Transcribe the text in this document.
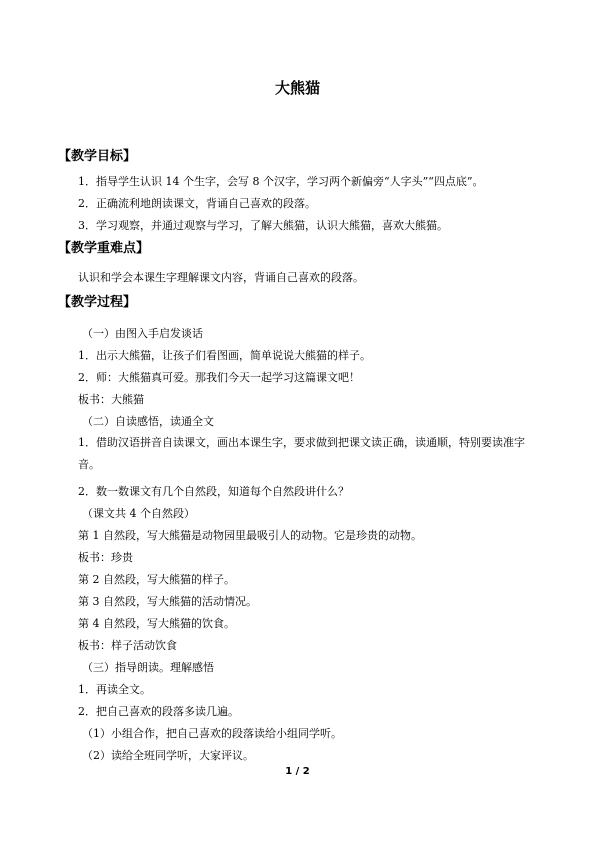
大熊猫
【教学目标】
1．指导学生认识 14 个生字，会写 8 个汉字，学习两个新偏旁“人字头”“四点底”。
2．正确流利地朗读课文，背诵自己喜欢的段落。
3．学习观察，并通过观察与学习，了解大熊猫，认识大熊猫，喜欢大熊猫。
【教学重难点】
认识和学会本课生字理解课文内容，背诵自己喜欢的段落。
【教学过程】
（一）由图入手启发谈话
1．出示大熊猫，让孩子们看图画，简单说说大熊猫的样子。
2．师：大熊猫真可爱。那我们今天一起学习这篇课文吧！
板书：大熊猫
（二）自读感悟，读通全文
1．借助汉语拼音自读课文，画出本课生字，要求做到把课文读正确，读通顺，特别要读准字音。
2．数一数课文有几个自然段，知道每个自然段讲什么？
（课文共 4 个自然段）
第 1 自然段，写大熊猫是动物园里最吸引人的动物。它是珍贵的动物。
板书：珍贵
第 2 自然段，写大熊猫的样子。
第 3 自然段，写大熊猫的活动情况。
第 4 自然段，写大熊猫的饮食。
板书：样子活动饮食
（三）指导朗读。理解感悟
1．再读全文。
2．把自己喜欢的段落多读几遍。
（1）小组合作，把自己喜欢的段落读给小组同学听。
（2）读给全班同学听，大家评议。
1 / 2
